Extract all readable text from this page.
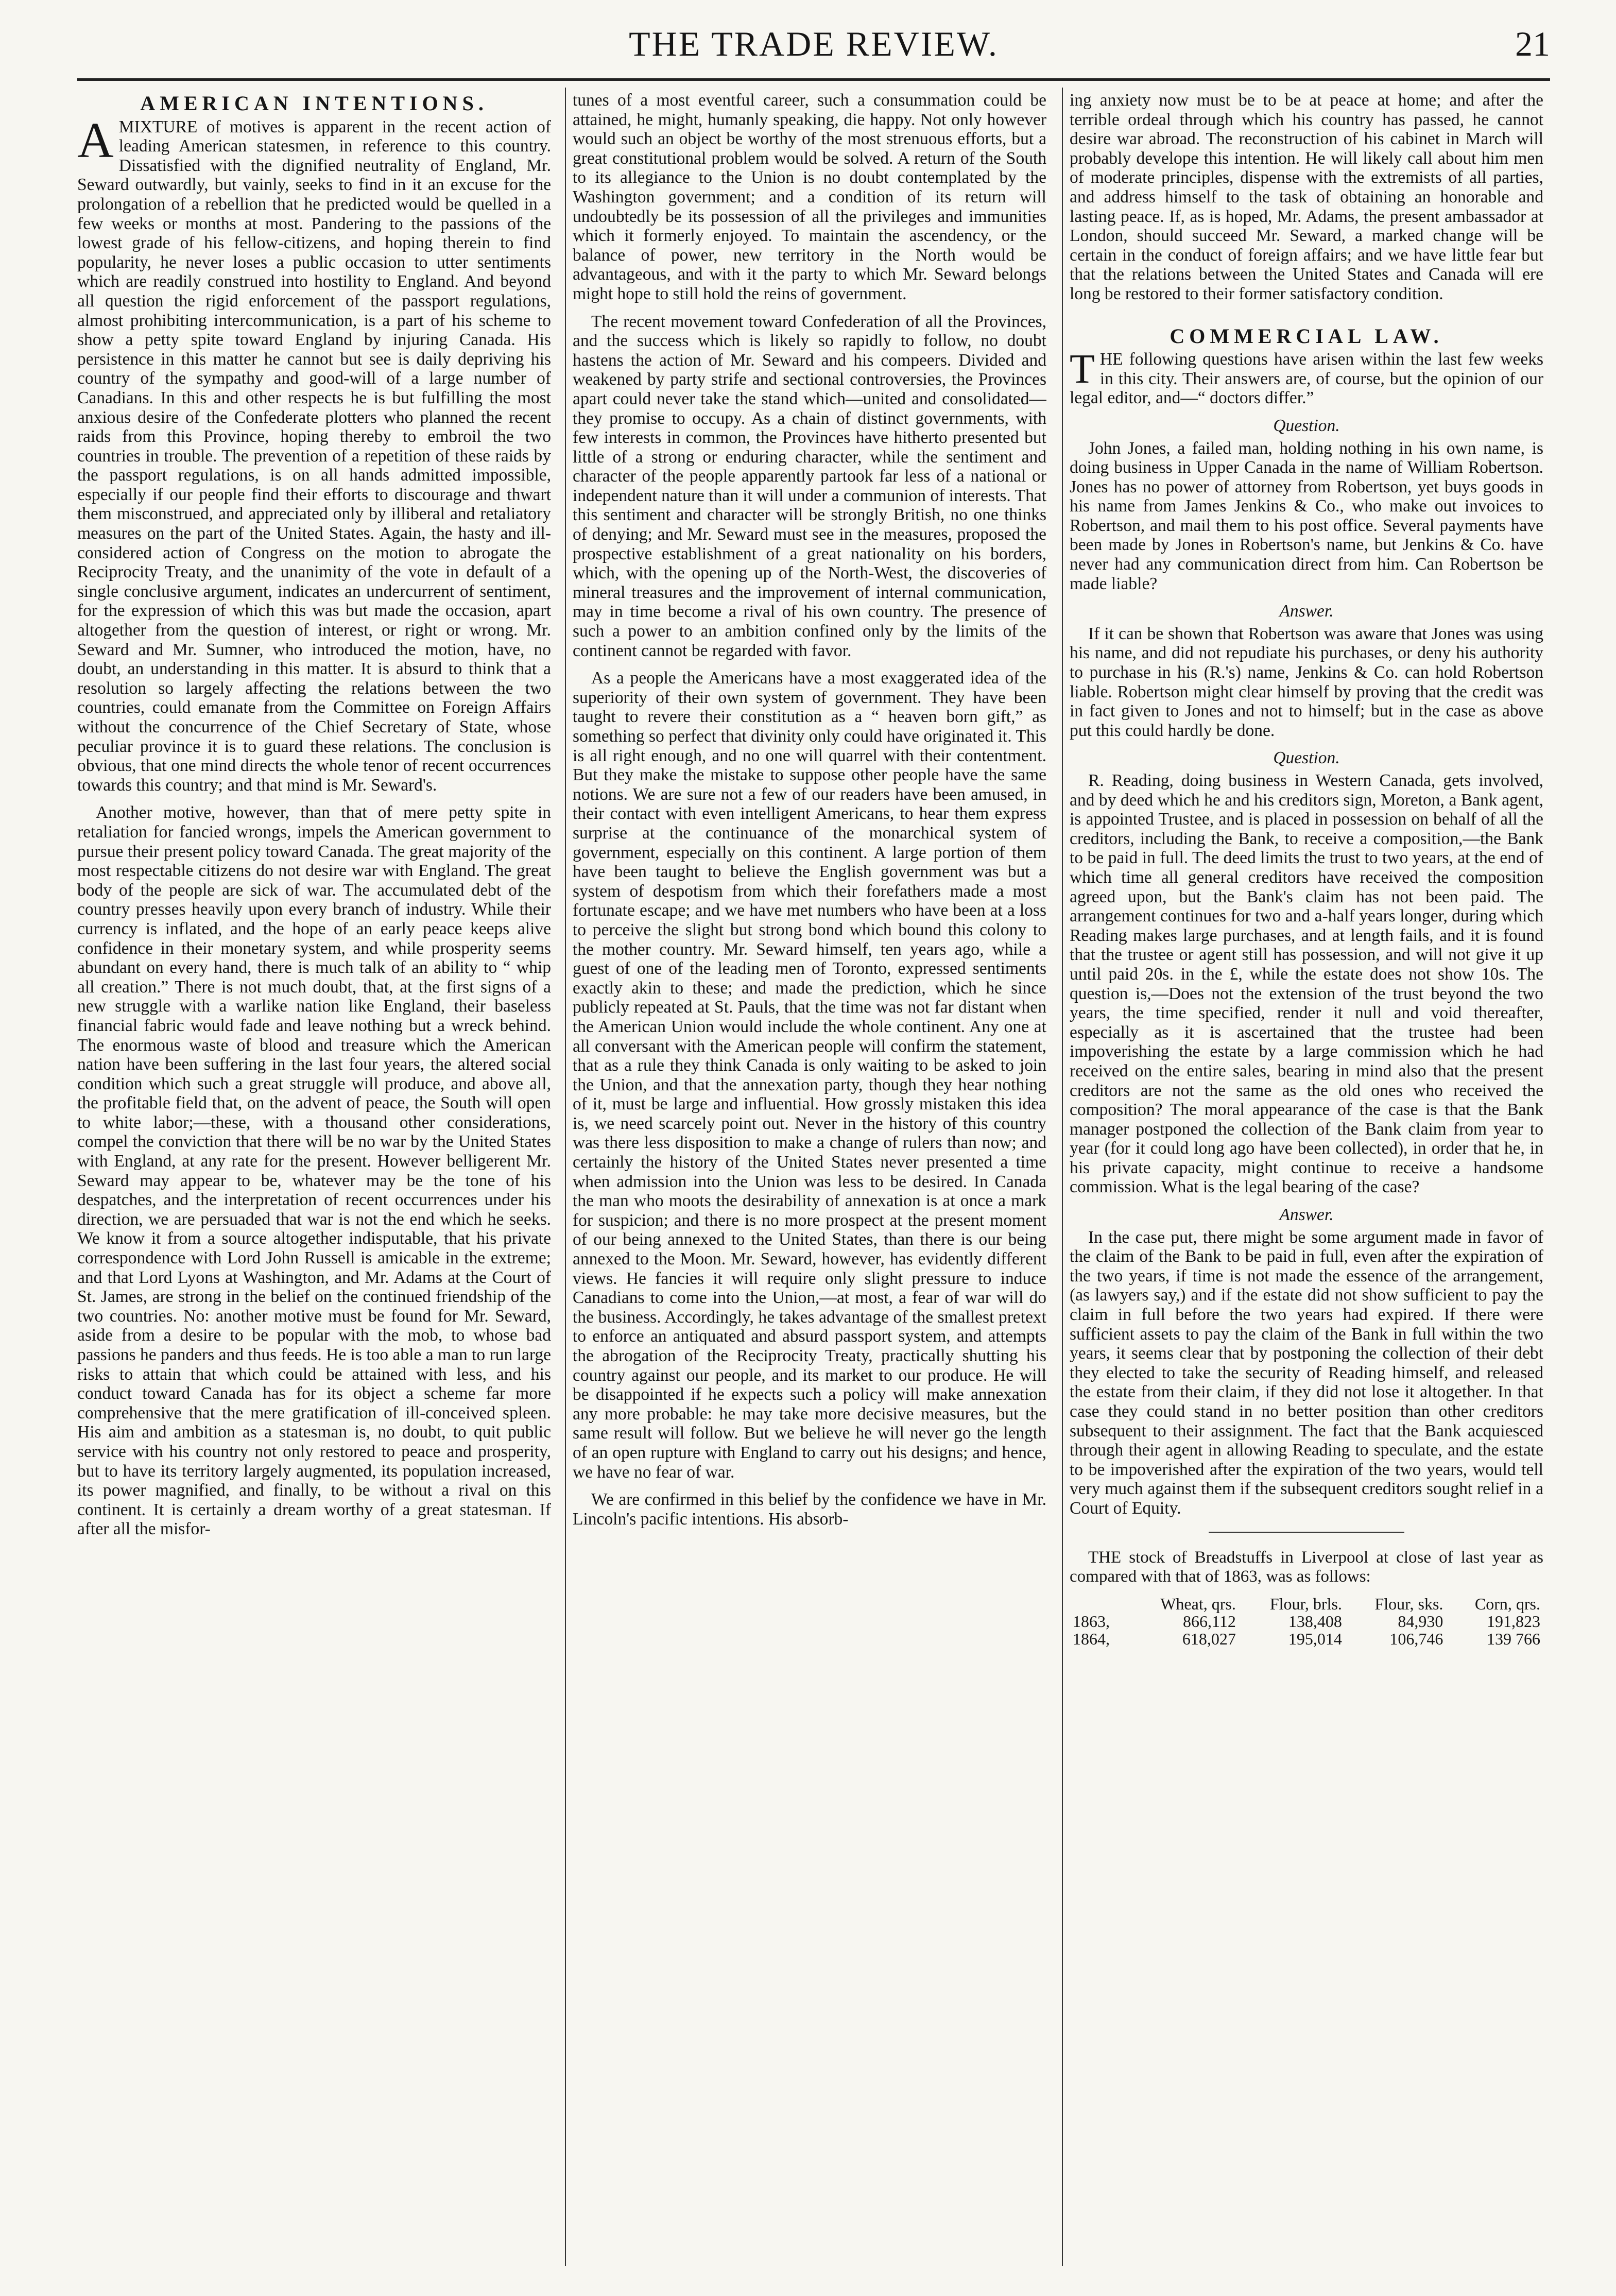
THE TRADE REVIEW.	21
AMERICAN INTENTIONS.

AMIXTURE of motives is apparent in the recent action of leading American statesmen, in reference to this country. Dissatisfied with the dignified neutrality of England, Mr. Seward outwardly, but vainly, seeks to find in it an excuse for the prolongation of a rebellion that he predicted would be quelled in a few weeks or months at most. Pandering to the passions of the lowest grade of his fellow-citizens, and hoping therein to find popularity, he never loses a public occasion to utter sentiments which are readily construed into hostility to England. And beyond all question the rigid enforcement of the passport regulations, almost prohibiting intercommunication, is a part of his scheme to show a petty spite toward England by injuring Canada. His persistence in this matter he cannot but see is daily depriving his country of the sympathy and good-will of a large number of Canadians. In this and other respects he is but fulfilling the most anxious desire of the Confederate plotters who planned the recent raids from this Province, hoping thereby to embroil the two countries in trouble. The prevention of a repetition of these raids by the passport regulations, is on all hands admitted impossible, especially if our people find their efforts to discourage and thwart them misconstrued, and appreciated only by illiberal and retaliatory measures on the part of the United States. Again, the hasty and ill-considered action of Congress on the motion to abrogate the Reciprocity Treaty, and the unanimity of the vote in default of a single conclusive argument, indicates an undercurrent of sentiment, for the expression of which this was but made the occasion, apart altogether from the question of interest, or right or wrong. Mr. Seward and Mr. Sumner, who introduced the motion, have, no doubt, an understanding in this matter. It is absurd to think that a resolution so largely affecting the relations between the two countries, could emanate from the Committee on Foreign Affairs without the concurrence of the Chief Secretary of State, whose peculiar province it is to guard these relations. The conclusion is obvious, that one mind directs the whole tenor of recent occurrences towards this country; and that mind is Mr. Seward's.

Another motive, however, than that of mere petty spite in retaliation for fancied wrongs, impels the American government to pursue their present policy toward Canada. The great majority of the most respectable citizens do not desire war with England. The great body of the people are sick of war. The accumulated debt of the country presses heavily upon every branch of industry. While their currency is inflated, and the hope of an early peace keeps alive confidence in their monetary system, and while prosperity seems abundant on every hand, there is much talk of an ability to “ whip all creation.” There is not much doubt, that, at the first signs of a new struggle with a warlike nation like England, their baseless financial fabric would fade and leave nothing but a wreck behind. The enormous waste of blood and treasure which the American nation have been suffering in the last four years, the altered social condition which such a great struggle will produce, and above all, the profitable field that, on the advent of peace, the South will open to white labor;—these, with a thousand other considerations, compel the conviction that there will be no war by the United States with England, at any rate for the present. However belligerent Mr. Seward may appear to be, whatever may be the tone of his despatches, and the interpretation of recent occurrences under his direction, we are persuaded that war is not the end which he seeks. We know it from a source altogether indisputable, that his private correspondence with Lord John Russell is amicable in the extreme; and that Lord Lyons at Washington, and Mr. Adams at the Court of St. James, are strong in the belief on the continued friendship of the two countries. No: another motive must be found for Mr. Seward, aside from a desire to be popular with the mob, to whose bad passions he panders and thus feeds. He is too able a man to run large risks to attain that which could be attained with less, and his conduct toward Canada has for its object a scheme far more comprehensive that the mere gratification of ill-conceived spleen. His aim and ambition as a statesman is, no doubt, to quit public service with his country not only restored to peace and prosperity, but to have its territory largely augmented, its population increased, its power magnified, and finally, to be without a rival on this continent. It is certainly a dream worthy of a great statesman. If after all the misfor-

tunes of a most eventful career, such a consummation could be attained, he might, humanly speaking, die happy. Not only however would such an object be worthy of the most strenuous efforts, but a great constitutional problem would be solved. A return of the South to its allegiance to the Union is no doubt contemplated by the Washington government; and a condition of its return will undoubtedly be its possession of all the privileges and immunities which it formerly enjoyed. To maintain the ascendency, or the balance of power, new territory in the North would be advantageous, and with it the party to which Mr. Seward belongs might hope to still hold the reins of government.

The recent movement toward Confederation of all the Provinces, and the success which is likely so rapidly to follow, no doubt hastens the action of Mr. Seward and his compeers. Divided and weakened by party strife and sectional controversies, the Provinces apart could never take the stand which—united and consolidated—they promise to occupy. As a chain of distinct governments, with few interests in common, the Provinces have hitherto presented but little of a strong or enduring character, while the sentiment and character of the people apparently partook far less of a national or independent nature than it will under a communion of interests. That this sentiment and character will be strongly British, no one thinks of denying; and Mr. Seward must see in the measures, proposed the prospective establishment of a great nationality on his borders, which, with the opening up of the North-West, the discoveries of mineral treasures and the improvement of internal communication, may in time become a rival of his own country. The presence of such a power to an ambition confined only by the limits of the continent cannot be regarded with favor.

As a people the Americans have a most exaggerated idea of the superiority of their own system of government. They have been taught to revere their constitution as a “ heaven born gift,” as something so perfect that divinity only could have originated it. This is all right enough, and no one will quarrel with their contentment. But they make the mistake to suppose other people have the same notions. We are sure not a few of our readers have been amused, in their contact with even intelligent Americans, to hear them express surprise at the continuance of the monarchical system of government, especially on this continent. A large portion of them have been taught to believe the English government was but a system of despotism from which their forefathers made a most fortunate escape; and we have met numbers who have been at a loss to perceive the slight but strong bond which bound this colony to the mother country. Mr. Seward himself, ten years ago, while a guest of one of the leading men of Toronto, expressed sentiments exactly akin to these; and made the prediction, which he since publicly repeated at St. Pauls, that the time was not far distant when the American Union would include the whole continent. Any one at all conversant with the American people will confirm the statement, that as a rule they think Canada is only waiting to be asked to join the Union, and that the annexation party, though they hear nothing of it, must be large and influential. How grossly mistaken this idea is, we need scarcely point out. Never in the history of this country was there less disposition to make a change of rulers than now; and certainly the history of the United States never presented a time when admission into the Union was less to be desired. In Canada the man who moots the desirability of annexation is at once a mark for suspicion; and there is no more prospect at the present moment of our being annexed to the United States, than there is our being annexed to the Moon. Mr. Seward, however, has evidently different views. He fancies it will require only slight pressure to induce Canadians to come into the Union,—at most, a fear of war will do the business. Accordingly, he takes advantage of the smallest pretext to enforce an antiquated and absurd passport system, and attempts the abrogation of the Reciprocity Treaty, practically shutting his country against our people, and its market to our produce. He will be disappointed if he expects such a policy will make annexation any more probable: he may take more decisive measures, but the same result will follow. But we believe he will never go the length of an open rupture with England to carry out his designs; and hence, we have no fear of war.

We are confirmed in this belief by the confidence we have in Mr. Lincoln's pacific intentions. His absorb-

ing anxiety now must be to be at peace at home; and after the terrible ordeal through which his country has passed, he cannot desire war abroad. The reconstruction of his cabinet in March will probably develope this intention. He will likely call about him men of moderate principles, dispense with the extremists of all parties, and address himself to the task of obtaining an honorable and lasting peace. If, as is hoped, Mr. Adams, the present ambassador at London, should succeed Mr. Seward, a marked change will be certain in the conduct of foreign affairs; and we have little fear but that the relations between the United States and Canada will ere long be restored to their former satisfactory condition.

COMMERCIAL LAW.

THE following questions have arisen within the last few weeks in this city. Their answers are, of course, but the opinion of our legal editor, and—“ doctors differ.”

Question.

John Jones, a failed man, holding nothing in his own name, is doing business in Upper Canada in the name of William Robertson. Jones has no power of attorney from Robertson, yet buys goods in his name from James Jenkins & Co., who make out invoices to Robertson, and mail them to his post office. Several payments have been made by Jones in Robertson's name, but Jenkins & Co. have never had any communication direct from him. Can Robertson be made liable?

Answer.

If it can be shown that Robertson was aware that Jones was using his name, and did not repudiate his purchases, or deny his authority to purchase in his (R.'s) name, Jenkins & Co. can hold Robertson liable. Robertson might clear himself by proving that the credit was in fact given to Jones and not to himself; but in the case as above put this could hardly be done.

Question.

R. Reading, doing business in Western Canada, gets involved, and by deed which he and his creditors sign, Moreton, a Bank agent, is appointed Trustee, and is placed in possession on behalf of all the creditors, including the Bank, to receive a composition,—the Bank to be paid in full. The deed limits the trust to two years, at the end of which time all general creditors have received the composition agreed upon, but the Bank's claim has not been paid. The arrangement continues for two and a-half years longer, during which Reading makes large purchases, and at length fails, and it is found that the trustee or agent still has possession, and will not give it up until paid 20s. in the £, while the estate does not show 10s. The question is,—Does not the extension of the trust beyond the two years, the time specified, render it null and void thereafter, especially as it is ascertained that the trustee had been impoverishing the estate by a large commission which he had received on the entire sales, bearing in mind also that the present creditors are not the same as the old ones who received the composition? The moral appearance of the case is that the Bank manager postponed the collection of the Bank claim from year to year (for it could long ago have been collected), in order that he, in his private capacity, might continue to receive a handsome commission. What is the legal bearing of the case?

Answer.

In the case put, there might be some argument made in favor of the claim of the Bank to be paid in full, even after the expiration of the two years, if time is not made the essence of the arrangement, (as lawyers say,) and if the estate did not show sufficient to pay the claim in full before the two years had expired. If there were sufficient assets to pay the claim of the Bank in full within the two years, it seems clear that by postponing the collection of their debt they elected to take the security of Reading himself, and released the estate from their claim, if they did not lose it altogether. In that case they could stand in no better position than other creditors subsequent to their assignment. The fact that the Bank acquiesced through their agent in allowing Reading to speculate, and the estate to be impoverished after the expiration of the two years, would tell very much against them if the subsequent creditors sought relief in a Court of Equity.

THE stock of Breadstuffs in Liverpool at close of last year as compared with that of 1863, was as follows:

	Wheat, qrs.	Flour, brls.	Flour, sks.	Corn, qrs.
1863,	866,112	138,408	84,930	191,823
1864,	618,027	195,014	106,746	139 766
